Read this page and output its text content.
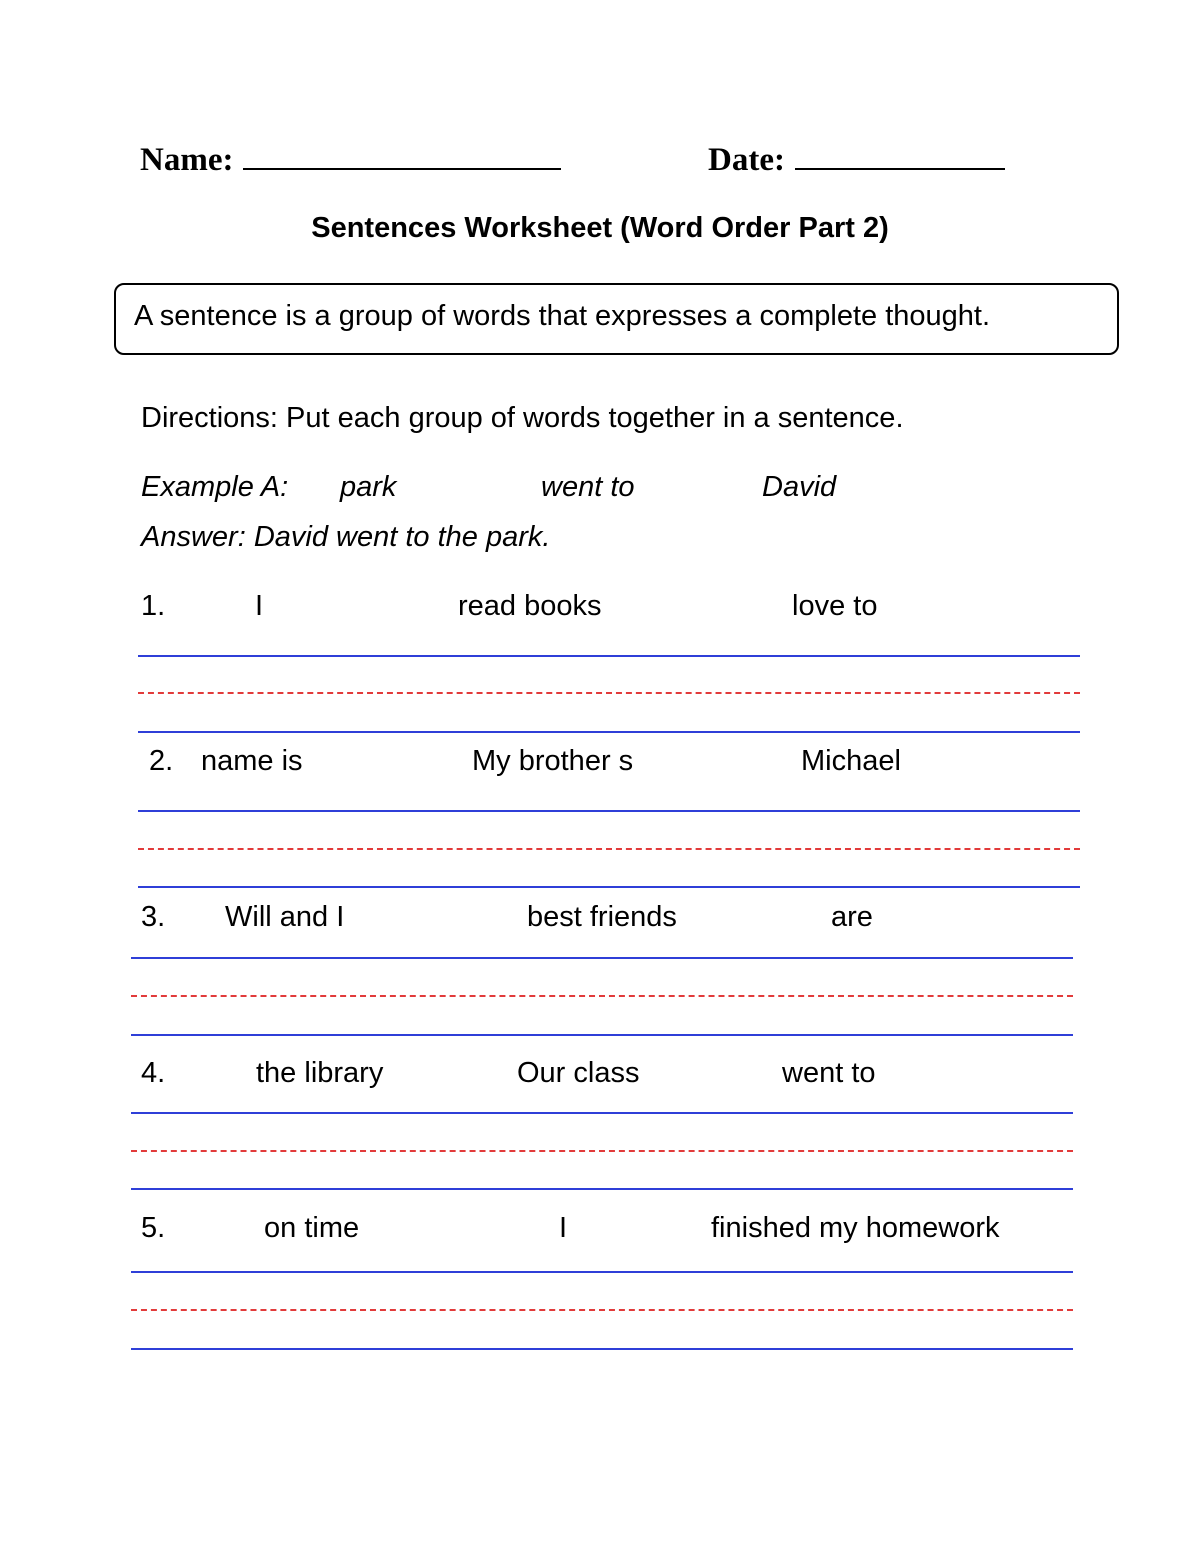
Name:	Date:
Sentences Worksheet (Word Order Part 2)
A sentence is a group of words that expresses a complete thought.
Directions: Put each group of words together in a sentence.
Example A: park	went to	David
Answer: David went to the park.
1.	I	read books	love to
2. name is	My brother s	Michael
3. Will and I	best friends	are
4.	the library	Our class	went to
5.	on time	I	finished my homework
